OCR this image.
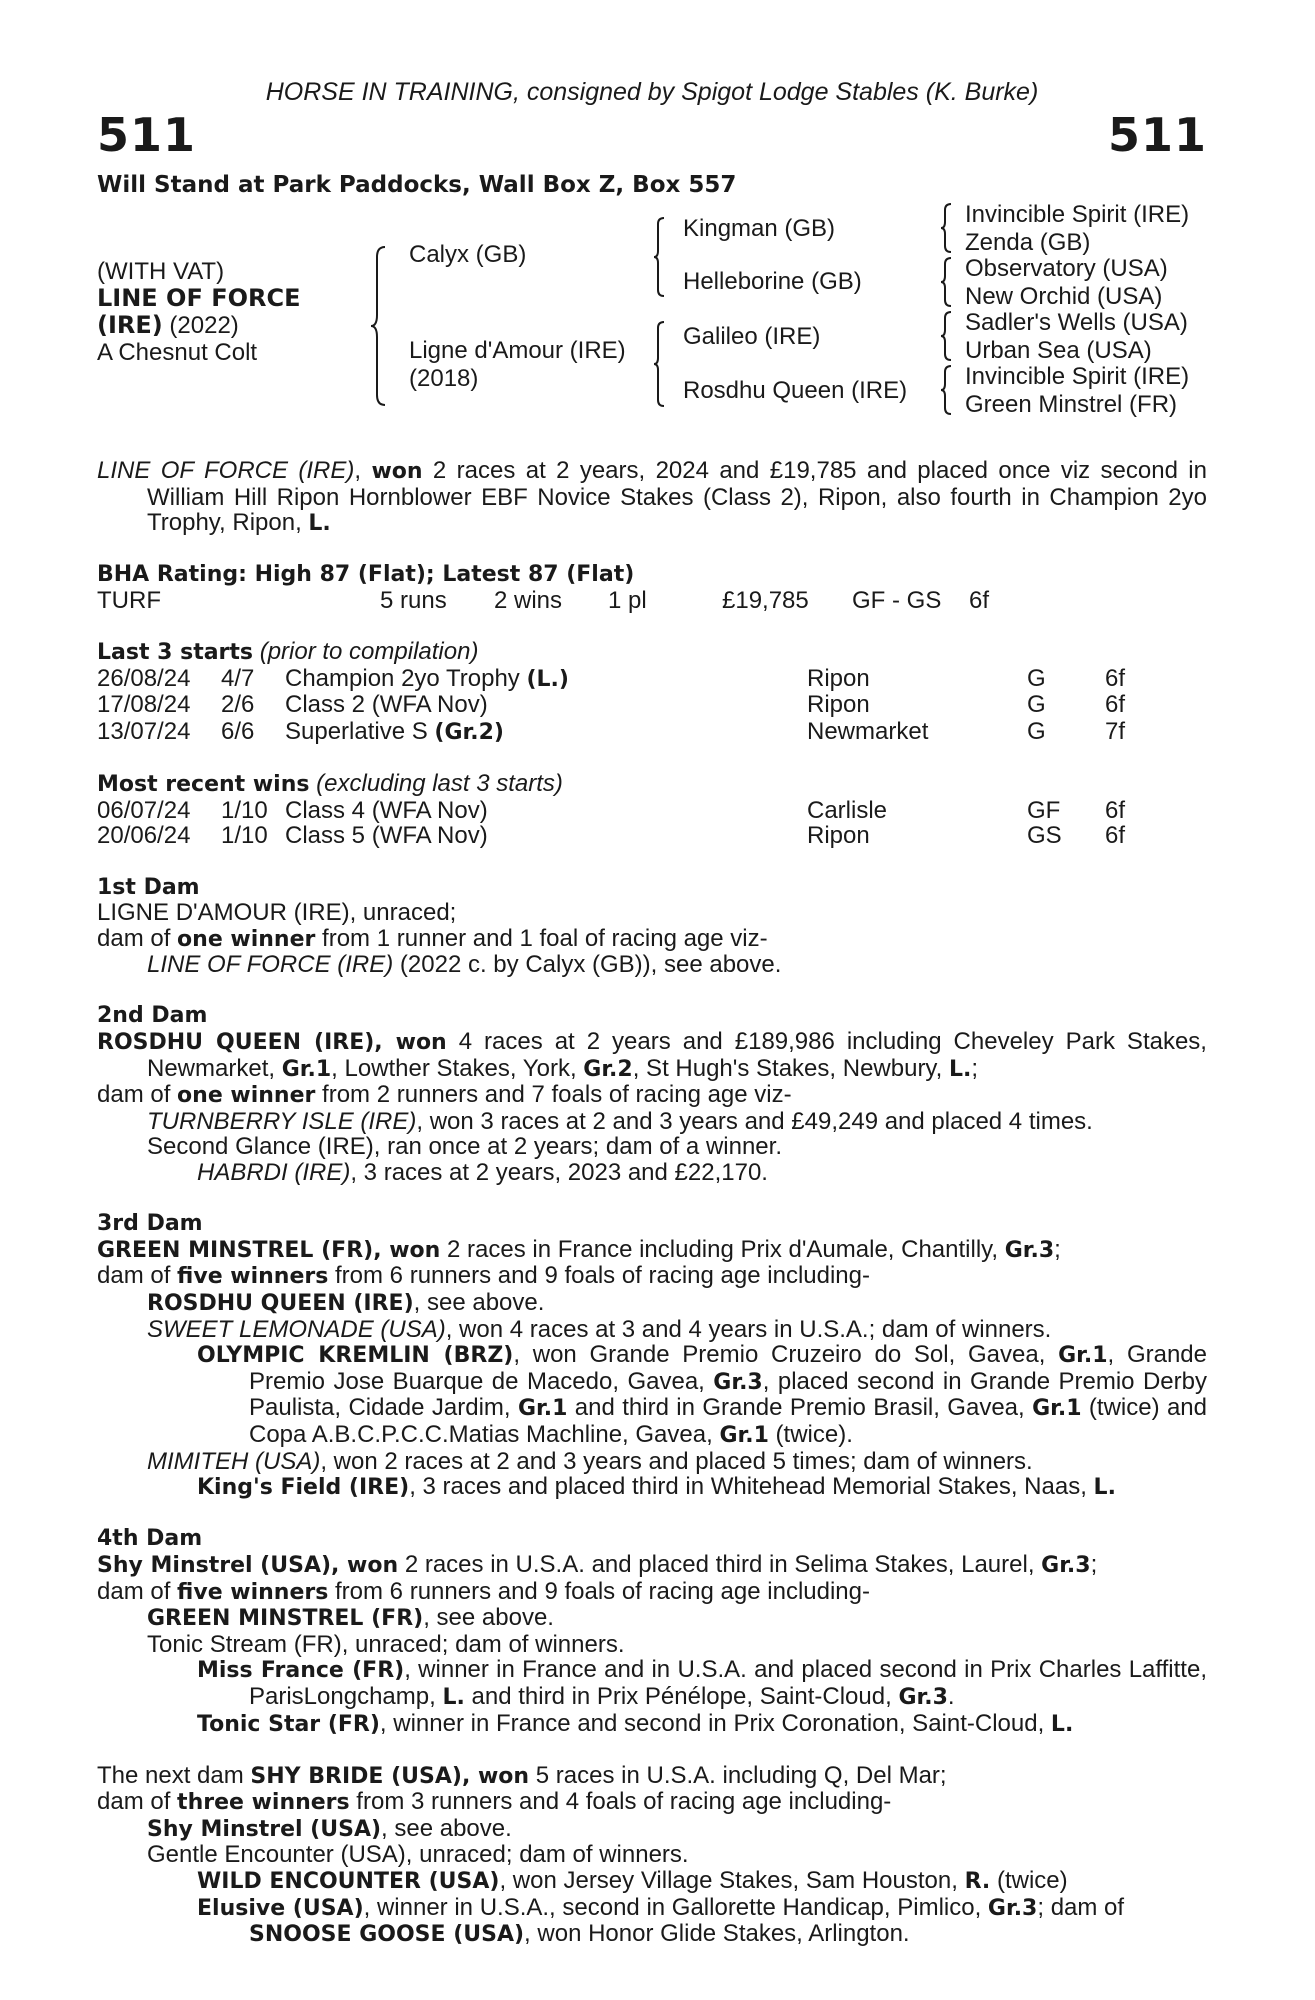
HORSE IN TRAINING, consigned by Spigot Lodge Stables (K. Burke)
511	511
Will Stand at Park Paddocks, Wall Box Z, Box 557
(WITH VAT)
LINE OF FORCE
(IRE) (2022)
A Chesnut Colt
Calyx (GB)
Ligne d'Amour (IRE)
(2018)
Kingman (GB)
Helleborine (GB)
Galileo (IRE)
Rosdhu Queen (IRE)
Invincible Spirit (IRE)
Zenda (GB)
Observatory (USA)
New Orchid (USA)
Sadler's Wells (USA)
Urban Sea (USA)
Invincible Spirit (IRE)
Green Minstrel (FR)

LINE OF FORCE (IRE), won 2 races at 2 years, 2024 and £19,785 and placed once viz second in William Hill Ripon Hornblower EBF Novice Stakes (Class 2), Ripon, also fourth in Champion 2yo Trophy, Ripon, L.

BHA Rating: High 87 (Flat); Latest 87 (Flat)

TURF	5 runs	2 wins	1 pl	£19,785	GF - GS	6f

Last 3 starts (prior to compilation)

26/08/24	4/7	Champion 2yo Trophy (L.)	Ripon	G	6f
17/08/24	2/6	Class 2 (WFA Nov)	Ripon	G	6f
13/07/24	6/6	Superlative S (Gr.2)	Newmarket	G	7f

Most recent wins (excluding last 3 starts)

06/07/24	1/10 Class 4 (WFA Nov)	Carlisle	GF	6f
20/06/24	1/10 Class 5 (WFA Nov)	Ripon	GS	6f

1st Dam

LIGNE D'AMOUR (IRE), unraced;

dam of one winner from 1 runner and 1 foal of racing age viz-

LINE OF FORCE (IRE) (2022 c. by Calyx (GB)), see above.

2nd Dam

ROSDHU QUEEN (IRE), won 4 races at 2 years and £189,986 including Cheveley Park Stakes, Newmarket, Gr.1, Lowther Stakes, York, Gr.2, St Hugh's Stakes, Newbury, L.;

dam of one winner from 2 runners and 7 foals of racing age viz-

TURNBERRY ISLE (IRE), won 3 races at 2 and 3 years and £49,249 and placed 4 times.

Second Glance (IRE), ran once at 2 years; dam of a winner.

HABRDI (IRE), 3 races at 2 years, 2023 and £22,170.

3rd Dam

GREEN MINSTREL (FR), won 2 races in France including Prix d'Aumale, Chantilly, Gr.3;

dam of five winners from 6 runners and 9 foals of racing age including-

ROSDHU QUEEN (IRE), see above.

SWEET LEMONADE (USA), won 4 races at 3 and 4 years in U.S.A.; dam of winners.

OLYMPIC KREMLIN (BRZ), won Grande Premio Cruzeiro do Sol, Gavea, Gr.1, Grande Premio Jose Buarque de Macedo, Gavea, Gr.3, placed second in Grande Premio Derby Paulista, Cidade Jardim, Gr.1 and third in Grande Premio Brasil, Gavea, Gr.1 (twice) and Copa A.B.C.P.C.C.Matias Machline, Gavea, Gr.1 (twice).

MIMITEH (USA), won 2 races at 2 and 3 years and placed 5 times; dam of winners.

King's Field (IRE), 3 races and placed third in Whitehead Memorial Stakes, Naas, L.

4th Dam

Shy Minstrel (USA), won 2 races in U.S.A. and placed third in Selima Stakes, Laurel, Gr.3;

dam of five winners from 6 runners and 9 foals of racing age including-

GREEN MINSTREL (FR), see above.

Tonic Stream (FR), unraced; dam of winners.

Miss France (FR), winner in France and in U.S.A. and placed second in Prix Charles Laffitte, ParisLongchamp, L. and third in Prix Pénélope, Saint-Cloud, Gr.3.

Tonic Star (FR), winner in France and second in Prix Coronation, Saint-Cloud, L.

The next dam SHY BRIDE (USA), won 5 races in U.S.A. including Q, Del Mar;

dam of three winners from 3 runners and 4 foals of racing age including-

Shy Minstrel (USA), see above.

Gentle Encounter (USA), unraced; dam of winners.

WILD ENCOUNTER (USA), won Jersey Village Stakes, Sam Houston, R. (twice)

Elusive (USA), winner in U.S.A., second in Gallorette Handicap, Pimlico, Gr.3; dam of

SNOOSE GOOSE (USA), won Honor Glide Stakes, Arlington.
